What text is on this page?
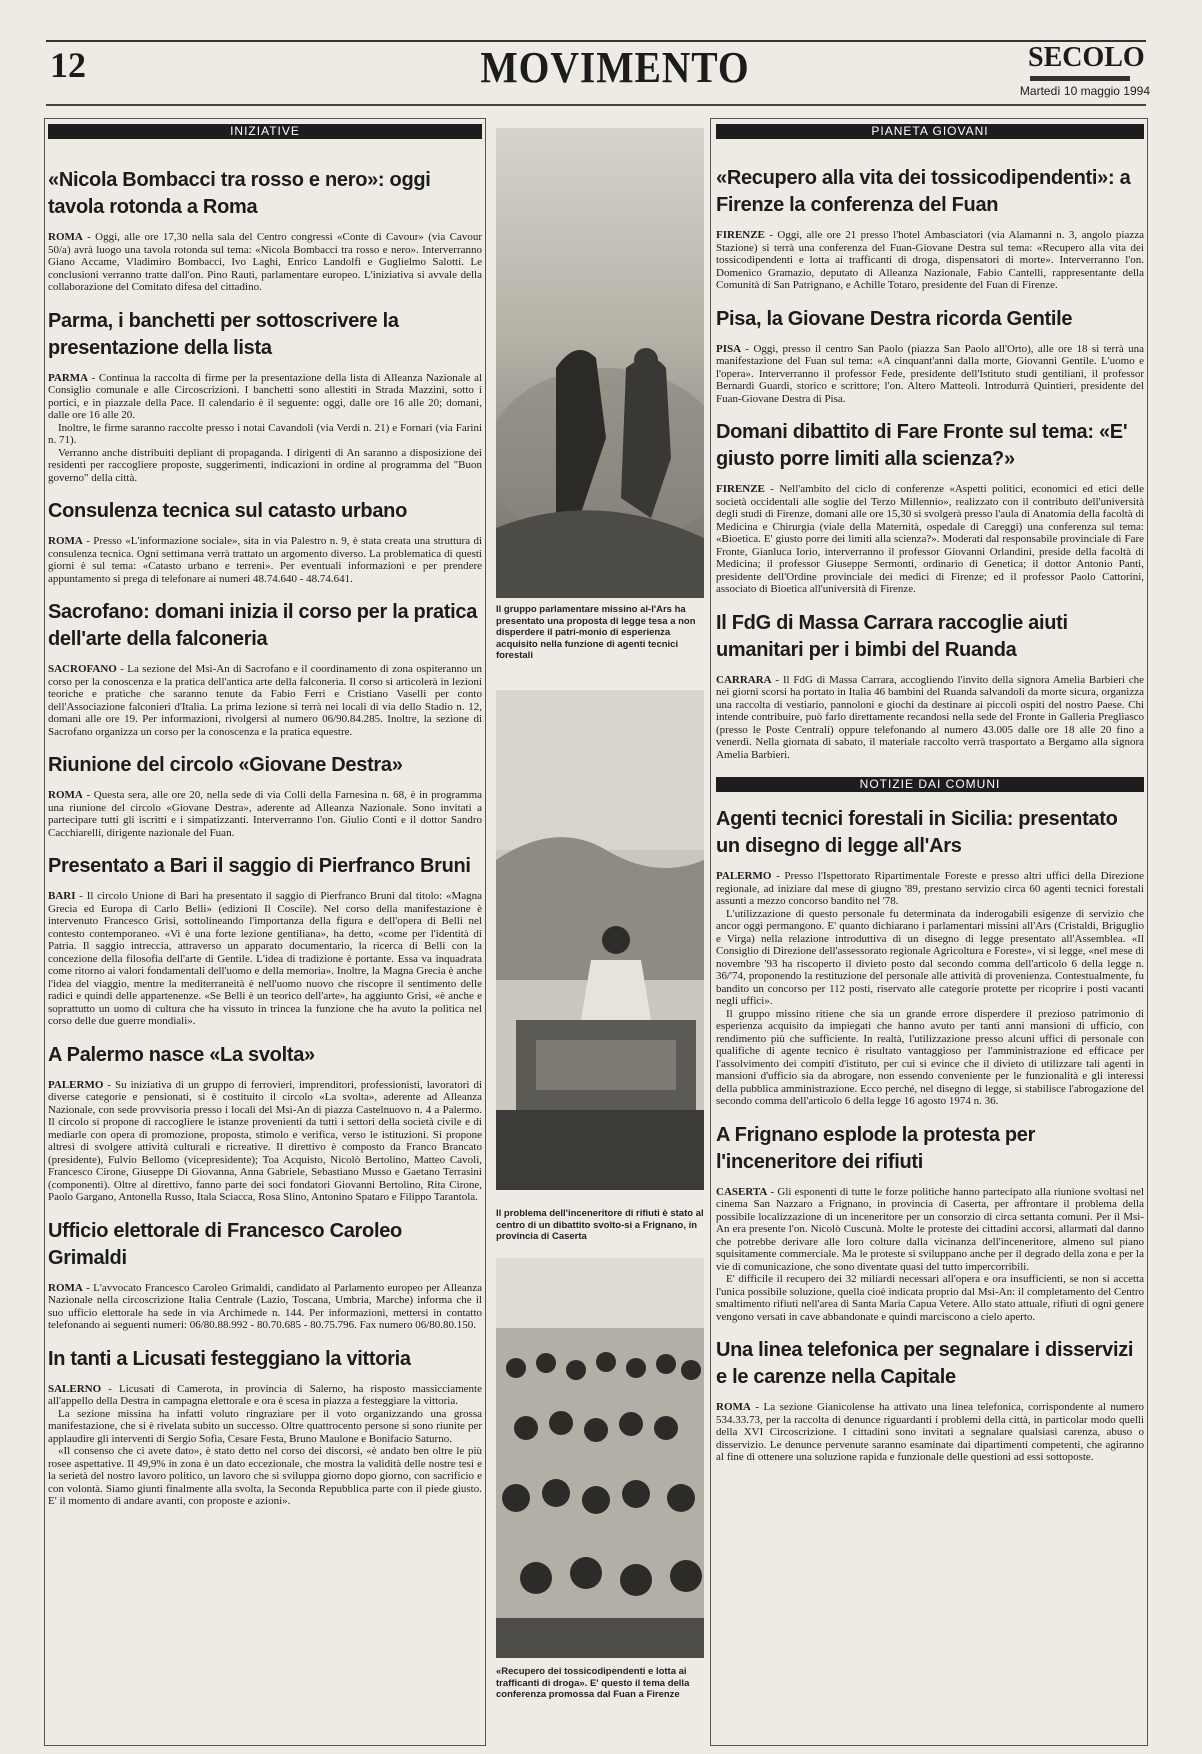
12	MOVIMENTO	SECOLO
Martedì 10 maggio 1994
INIZIATIVE
«Nicola Bombacci tra rosso e nero»: oggi tavola rotonda a Roma

ROMA - Oggi, alle ore 17,30 nella sala del Centro congressi «Conte di Cavour» (via Cavour 50/a) avrà luogo una tavola rotonda sul tema: «Nicola Bombacci tra rosso e nero». Interverranno Giano Accame, Vladimiro Bombacci, Ivo Laghi, Enrico Landolfi e Guglielmo Salotti. Le conclusioni verranno tratte dall'on. Pino Rauti, parlamentare europeo. L'iniziativa si avvale della collaborazione del Comitato difesa del cittadino.

Parma, i banchetti per sottoscrivere la presentazione della lista

PARMA - Continua la raccolta di firme per la presentazione della lista di Alleanza Nazionale al Consiglio comunale e alle Circoscrizioni. I banchetti sono allestiti in Strada Mazzini, sotto i portici, e in piazzale della Pace. Il calendario è il seguente: oggi, dalle ore 16 alle 20; domani, dalle ore 16 alle 20.

Inoltre, le firme saranno raccolte presso i notai Cavandoli (via Verdi n. 21) e Fornari (via Farini n. 71).

Verranno anche distribuiti depliant di propaganda. I dirigenti di An saranno a disposizione dei residenti per raccogliere proposte, suggerimenti, indicazioni in ordine al programma del "Buon governo" della città.

Consulenza tecnica sul catasto urbano

ROMA - Presso «L'informazione sociale», sita in via Palestro n. 9, è stata creata una struttura di consulenza tecnica. Ogni settimana verrà trattato un argomento diverso. La problematica di questi giorni è sul tema: «Catasto urbano e terreni». Per eventuali informazioni e per prendere appuntamento si prega di telefonare ai numeri 48.74.640 - 48.74.641.

Sacrofano: domani inizia il corso per la pratica dell'arte della falconeria

SACROFANO - La sezione del Msi-An di Sacrofano e il coordinamento di zona ospiteranno un corso per la conoscenza e la pratica dell'antica arte della falconeria. Il corso si articolerà in lezioni teoriche e pratiche che saranno tenute da Fabio Ferri e Cristiano Vaselli per conto dell'Associazione falconieri d'Italia. La prima lezione si terrà nei locali di via dello Stadio n. 12, domani alle ore 19. Per informazioni, rivolgersi al numero 06/90.84.285. Inoltre, la sezione di Sacrofano organizza un corso per la conoscenza e la pratica equestre.

Riunione del circolo «Giovane Destra»

ROMA - Questa sera, alle ore 20, nella sede di via Colli della Farnesina n. 68, è in programma una riunione del circolo «Giovane Destra», aderente ad Alleanza Nazionale. Sono invitati a partecipare tutti gli iscritti e i simpatizzanti. Interverranno l'on. Giulio Conti e il dottor Sandro Cacchiarelli, dirigente nazionale del Fuan.

Presentato a Bari il saggio di Pierfranco Bruni

BARI - Il circolo Unione di Bari ha presentato il saggio di Pierfranco Bruni dal titolo: «Magna Grecia ed Europa di Carlo Belli» (edizioni Il Coscile). Nel corso della manifestazione è intervenuto Francesco Grisi, sottolineando l'importanza della figura e dell'opera di Belli nel contesto contemporaneo. «Vi è una forte lezione gentiliana», ha detto, «come per l'identità di Patria. Il saggio intreccia, attraverso un apparato documentario, la ricerca di Belli con la concezione della filosofia dell'arte di Gentile. L'idea di tradizione è portante. Essa va inquadrata come ritorno ai valori fondamentali dell'uomo e della memoria». Inoltre, la Magna Grecia è anche l'idea del viaggio, mentre la mediterraneità è nell'uomo nuovo che riscopre il sentimento delle radici e quindi delle appartenenze. «Se Belli è un teorico dell'arte», ha aggiunto Grisi, «è anche e soprattutto un uomo di cultura che ha vissuto in trincea la funzione che ha avuto la politica nel corso delle due guerre mondiali».

A Palermo nasce «La svolta»

PALERMO - Su iniziativa di un gruppo di ferrovieri, imprenditori, professionisti, lavoratori di diverse categorie e pensionati, si è costituito il circolo «La svolta», aderente ad Alleanza Nazionale, con sede provvisoria presso i locali del Msi-An di piazza Castelnuovo n. 4 a Palermo. Il circolo si propone di raccogliere le istanze provenienti da tutti i settori della società civile e di mediarle con opera di promozione, proposta, stimolo e verifica, verso le istituzioni. Si propone altresì di svolgere attività culturali e ricreative. Il direttivo è composto da Franco Brancato (presidente), Fulvio Bellomo (vicepresidente); Toa Acquisto, Nicolò Bertolino, Matteo Cavoli, Francesco Cirone, Giuseppe Di Giovanna, Anna Gabriele, Sebastiano Musso e Gaetano Terrasini (componenti). Oltre al direttivo, fanno parte dei soci fondatori Giovanni Bertolino, Rita Cirone, Paolo Gargano, Antonella Russo, Itala Sciacca, Rosa Slino, Antonino Spataro e Filippo Tarantola.

Ufficio elettorale di Francesco Caroleo Grimaldi

ROMA - L'avvocato Francesco Caroleo Grimaldi, candidato al Parlamento europeo per Alleanza Nazionale nella circoscrizione Italia Centrale (Lazio, Toscana, Umbria, Marche) informa che il suo ufficio elettorale ha sede in via Archimede n. 144. Per informazioni, mettersi in contatto telefonando ai seguenti numeri: 06/80.88.992 - 80.70.685 - 80.75.796. Fax numero 06/80.80.150.

In tanti a Licusati festeggiano la vittoria

SALERNO - Licusati di Camerota, in provincia di Salerno, ha risposto massicciamente all'appello della Destra in campagna elettorale e ora è scesa in piazza a festeggiare la vittoria.

La sezione missina ha infatti voluto ringraziare per il voto organizzando una grossa manifestazione, che si è rivelata subito un successo. Oltre quattrocento persone si sono riunite per applaudire gli interventi di Sergio Sofia, Cesare Festa, Bruno Maulone e Bonifacio Saturno.

«Il consenso che ci avete dato», è stato detto nel corso dei discorsi, «è andato ben oltre le più rosee aspettative. Il 49,9% in zona è un dato eccezionale, che mostra la validità delle nostre tesi e la serietà del nostro lavoro politico, un lavoro che si sviluppa giorno dopo giorno, con sacrificio e con volontà. Siamo giunti finalmente alla svolta, la Seconda Repubblica parte con il piede giusto. E' il momento di andare avanti, con proposte e azioni».

Il gruppo parlamentare missino al-l'Ars ha presentato una proposta di legge tesa a non disperdere il patri-monio di esperienza acquisito nella funzione di agenti tecnici forestali
Il problema dell'inceneritore di rifiuti è stato al centro di un dibattito svolto-si a Frignano, in provincia di Caserta
«Recupero dei tossicodipendenti e lotta ai trafficanti di droga». E' questo il tema della conferenza promossa dal Fuan a Firenze
PIANETA GIOVANI
«Recupero alla vita dei tossicodipendenti»: a Firenze la conferenza del Fuan

FIRENZE - Oggi, alle ore 21 presso l'hotel Ambasciatori (via Alamanni n. 3, angolo piazza Stazione) si terrà una conferenza del Fuan-Giovane Destra sul tema: «Recupero alla vita dei tossicodipendenti e lotta ai trafficanti di droga, dispensatori di morte». Interverranno l'on. Domenico Gramazio, deputato di Alleanza Nazionale, Fabio Cantelli, rappresentante della Comunità di San Patrignano, e Achille Totaro, presidente del Fuan di Firenze.

Pisa, la Giovane Destra ricorda Gentile

PISA - Oggi, presso il centro San Paolo (piazza San Paolo all'Orto), alle ore 18 si terrà una manifestazione del Fuan sul tema: «A cinquant'anni dalla morte, Giovanni Gentile. L'uomo e l'opera». Interverranno il professor Fede, presidente dell'Istituto studi gentiliani, il professor Bernardi Guardi, storico e scrittore; l'on. Altero Matteoli. Introdurrà Quintieri, presidente del Fuan-Giovane Destra di Pisa.

Domani dibattito di Fare Fronte sul tema: «E' giusto porre limiti alla scienza?»

FIRENZE - Nell'ambito del ciclo di conferenze «Aspetti politici, economici ed etici delle società occidentali alle soglie del Terzo Millennio», realizzato con il contributo dell'università degli studi di Firenze, domani alle ore 15,30 si svolgerà presso l'aula di Anatomia della facoltà di Medicina e Chirurgia (viale della Maternità, ospedale di Careggi) una conferenza sul tema: «Bioetica. E' giusto porre dei limiti alla scienza?». Moderati dal responsabile provinciale di Fare Fronte, Gianluca Iorio, interverranno il professor Giovanni Orlandini, preside della facoltà di Medicina; il professor Giuseppe Sermonti, ordinario di Genetica; il dottor Antonio Panti, presidente dell'Ordine provinciale dei medici di Firenze; ed il professor Paolo Cattorini, associato di Bioetica all'università di Firenze.

Il FdG di Massa Carrara raccoglie aiuti umanitari per i bimbi del Ruanda

CARRARA - Il FdG di Massa Carrara, accogliendo l'invito della signora Amelia Barbieri che nei giorni scorsi ha portato in Italia 46 bambini del Ruanda salvandoli da morte sicura, organizza una raccolta di vestiario, pannoloni e giochi da destinare ai piccoli ospiti del nostro Paese. Chi intende contribuire, può farlo direttamente recandosi nella sede del Fronte in Galleria Pregliasco (presso le Poste Centrali) oppure telefonando al numero 43.005 dalle ore 18 alle 20 fino a venerdì. Nella giornata di sabato, il materiale raccolto verrà trasportato a Bergamo alla signora Amelia Barbieri.

NOTIZIE DAI COMUNI
Agenti tecnici forestali in Sicilia: presentato un disegno di legge all'Ars

PALERMO - Presso l'Ispettorato Ripartimentale Foreste e presso altri uffici della Direzione regionale, ad iniziare dal mese di giugno '89, prestano servizio circa 60 agenti tecnici forestali assunti a mezzo concorso bandito nel '78.

L'utilizzazione di questo personale fu determinata da inderogabili esigenze di servizio che ancor oggi permangono. E' quanto dichiarano i parlamentari missini all'Ars (Cristaldi, Briguglio e Virga) nella relazione introduttiva di un disegno di legge presentato all'Assemblea. «Il Consiglio di Direzione dell'assessorato regionale Agricoltura e Foreste», vi si legge, «nel mese di novembre '93 ha riscoperto il divieto posto dal secondo comma dell'articolo 6 della legge n. 36/'74, proponendo la restituzione del personale alle attività di provenienza. Contestualmente, fu bandito un concorso per 112 posti, riservato alle categorie protette per ricoprire i posti vacanti negli uffici».

Il gruppo missino ritiene che sia un grande errore disperdere il prezioso patrimonio di esperienza acquisito da impiegati che hanno avuto per tanti anni mansioni di ufficio, con rendimento più che sufficiente. In realtà, l'utilizzazione presso alcuni uffici di personale con qualifiche di agente tecnico è risultato vantaggioso per l'amministrazione ed efficace per l'assolvimento dei compiti d'istituto, per cui si evince che il divieto di utilizzare tali agenti in mansioni d'ufficio sia da abrogare, non essendo conveniente per le funzionalità e gli interessi della pubblica amministrazione. Ecco perché, nel disegno di legge, si stabilisce l'abrogazione del secondo comma dell'articolo 6 della legge 16 agosto 1974 n. 36.

A Frignano esplode la protesta per l'inceneritore dei rifiuti

CASERTA - Gli esponenti di tutte le forze politiche hanno partecipato alla riunione svoltasi nel cinema San Nazzaro a Frignano, in provincia di Caserta, per affrontare il problema della possibile localizzazione di un inceneritore per un consorzio di circa settanta comuni. Per il Msi-An era presente l'on. Nicolò Cuscunà. Molte le proteste dei cittadini accorsi, allarmati dal danno che potrebbe derivare alle loro colture dalla vicinanza dell'inceneritore, almeno sul piano squisitamente commerciale. Ma le proteste si sviluppano anche per il degrado della zona e per la vie di comunicazione, che sono diventate quasi del tutto impercorribili.

E' difficile il recupero dei 32 miliardi necessari all'opera e ora insufficienti, se non si accetta l'unica possibile soluzione, quella cioè indicata proprio dal Msi-An: il completamento del Centro smaltimento rifiuti nell'area di Santa Maria Capua Vetere. Allo stato attuale, rifiuti di ogni genere vengono versati in cave abbandonate e quindi marciscono a cielo aperto.

Una linea telefonica per segnalare i disservizi e le carenze nella Capitale

ROMA - La sezione Gianicolense ha attivato una linea telefonica, corrispondente al numero 534.33.73, per la raccolta di denunce riguardanti i problemi della città, in particolar modo quelli della XVI Circoscrizione. I cittadini sono invitati a segnalare qualsiasi carenza, abuso o disservizio. Le denunce pervenute saranno esaminate dai dipartimenti competenti, che agiranno al fine di ottenere una soluzione rapida e funzionale delle questioni ad essi sottoposte.
